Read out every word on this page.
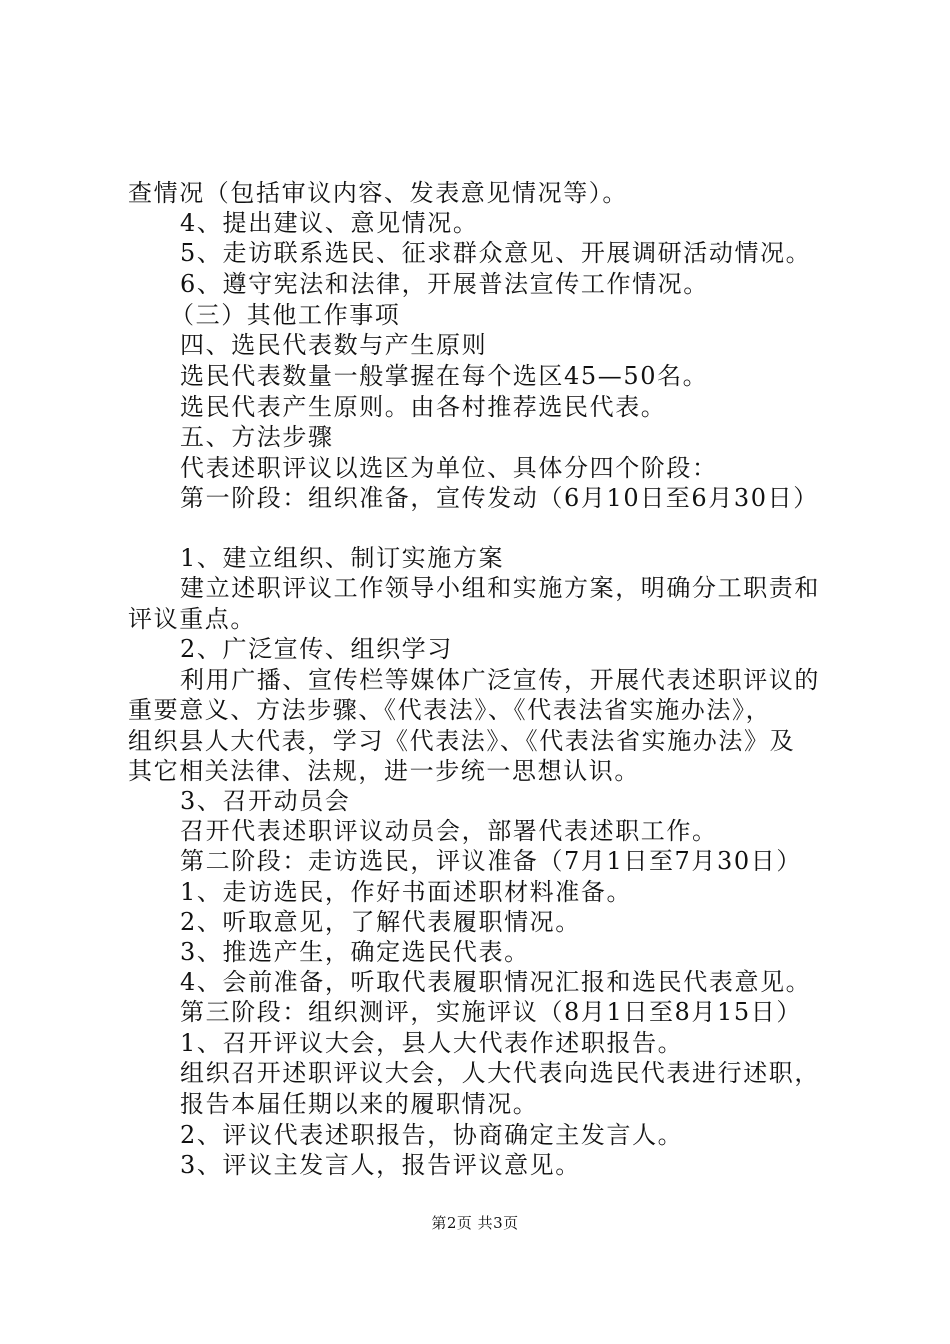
查情况（包括审议内容、发表意见情况等）。
4、提出建议、意见情况。
5、走访联系选民、征求群众意见、开展调研活动情况。
6、遵守宪法和法律，开展普法宣传工作情况。
（三）其他工作事项
四、选民代表数与产生原则
选民代表数量一般掌握在每个选区45—50名。
选民代表产生原则。由各村推荐选民代表。
五、方法步骤
代表述职评议以选区为单位、具体分四个阶段：
第一阶段：组织准备，宣传发动（6月10日至6月30日）
1、建立组织、制订实施方案
建立述职评议工作领导小组和实施方案，明确分工职责和
评议重点。
2、广泛宣传、组织学习
利用广播、宣传栏等媒体广泛宣传，开展代表述职评议的
重要意义、方法步骤、《代表法》、《代表法省实施办法》，
组织县人大代表，学习《代表法》、《代表法省实施办法》及
其它相关法律、法规，进一步统一思想认识。
3、召开动员会
召开代表述职评议动员会，部署代表述职工作。
第二阶段：走访选民，评议准备（7月1日至7月30日）
1、走访选民，作好书面述职材料准备。
2、听取意见，了解代表履职情况。
3、推选产生，确定选民代表。
4、会前准备，听取代表履职情况汇报和选民代表意见。
第三阶段：组织测评，实施评议（8月1日至8月15日）
1、召开评议大会，县人大代表作述职报告。
组织召开述职评议大会，人大代表向选民代表进行述职，
报告本届任期以来的履职情况。
2、评议代表述职报告，协商确定主发言人。
3、评议主发言人，报告评议意见。
第2页 共3页
